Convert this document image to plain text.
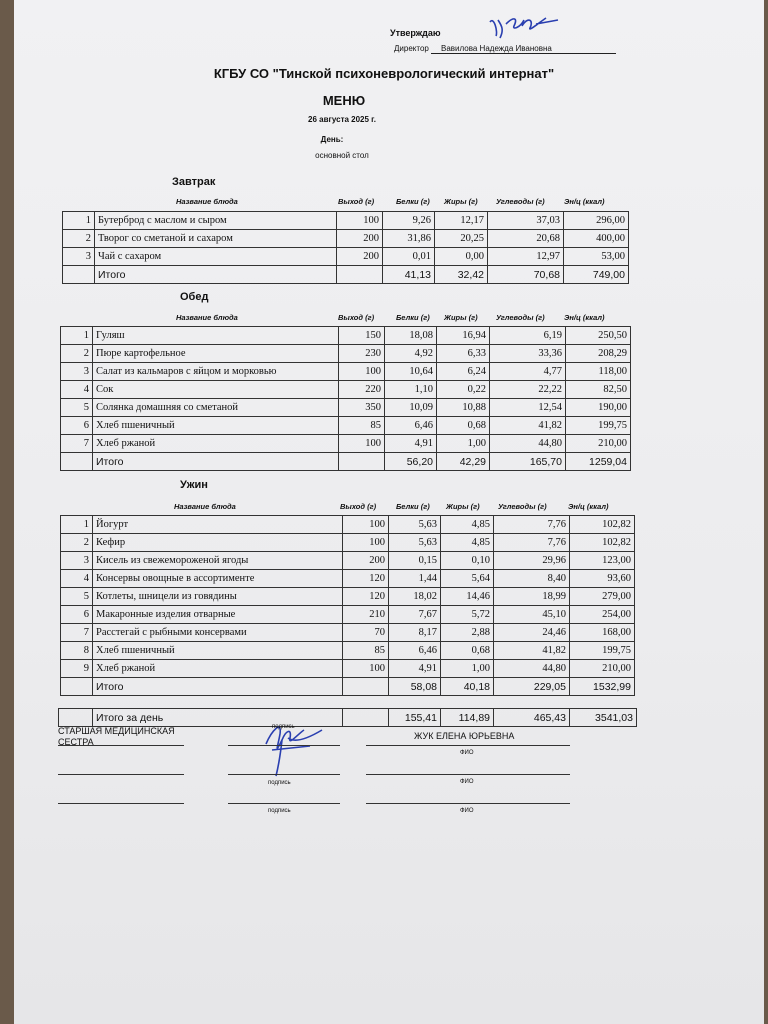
Утверждаю
Директор	Вавилова Надежда Ивановна
КГБУ СО "Тинской психоневрологический интернат"
МЕНЮ
26 августа 2025 г.
День:
основной стол
Завтрак
Название блюда	Выход (г)	Белки (г) Жиры (г) Углеводы (г)	Эн/ц (ккал)
1	Бутерброд с маслом и сыром	100	9,26	12,17	37,03	296,00
2	Творог со сметаной и сахаром	200	31,86	20,25	20,68	400,00
3	Чай с сахаром	200	0,01	0,00	12,97	53,00
	Итого		41,13	32,42	70,68	749,00
Обед
Название блюда	Выход (г)	Белки (г) Жиры (г) Углеводы (г)	Эн/ц (ккал)
1	Гуляш	150	18,08	16,94	6,19	250,50
2	Пюре картофельное	230	4,92	6,33	33,36	208,29
3	Салат из кальмаров с яйцом и морковью	100	10,64	6,24	4,77	118,00
4	Сок	220	1,10	0,22	22,22	82,50
5	Солянка домашняя со сметаной	350	10,09	10,88	12,54	190,00
6	Хлеб пшеничный	85	6,46	0,68	41,82	199,75
7	Хлеб ржаной	100	4,91	1,00	44,80	210,00
	Итого		56,20	42,29	165,70	1259,04
Ужин
Название блюда	Выход (г)	Белки (г) Жиры (г) Углеводы (г)	Эн/ц (ккал)
1	Йогурт	100	5,63	4,85	7,76	102,82
2	Кефир	100	5,63	4,85	7,76	102,82
3	Кисель из свежемороженой ягоды	200	0,15	0,10	29,96	123,00
4	Консервы овощные в ассортименте	120	1,44	5,64	8,40	93,60
5	Котлеты, шницели из говядины	120	18,02	14,46	18,99	279,00
6	Макаронные изделия отварные	210	7,67	5,72	45,10	254,00
7	Расстегай с рыбными консервами	70	8,17	2,88	24,46	168,00
8	Хлеб пшеничный	85	6,46	0,68	41,82	199,75
9	Хлеб ржаной	100	4,91	1,00	44,80	210,00
	Итого		58,08	40,18	229,05	1532,99
	Итого за день		155,41	114,89	465,43	3541,03
СТАРШАЯ МЕДИЦИНСКАЯ СЕСТРА
ЖУК ЕЛЕНА ЮРЬЕВНА
подпись
ФИО
подпись	ФИО
подпись	ФИО
